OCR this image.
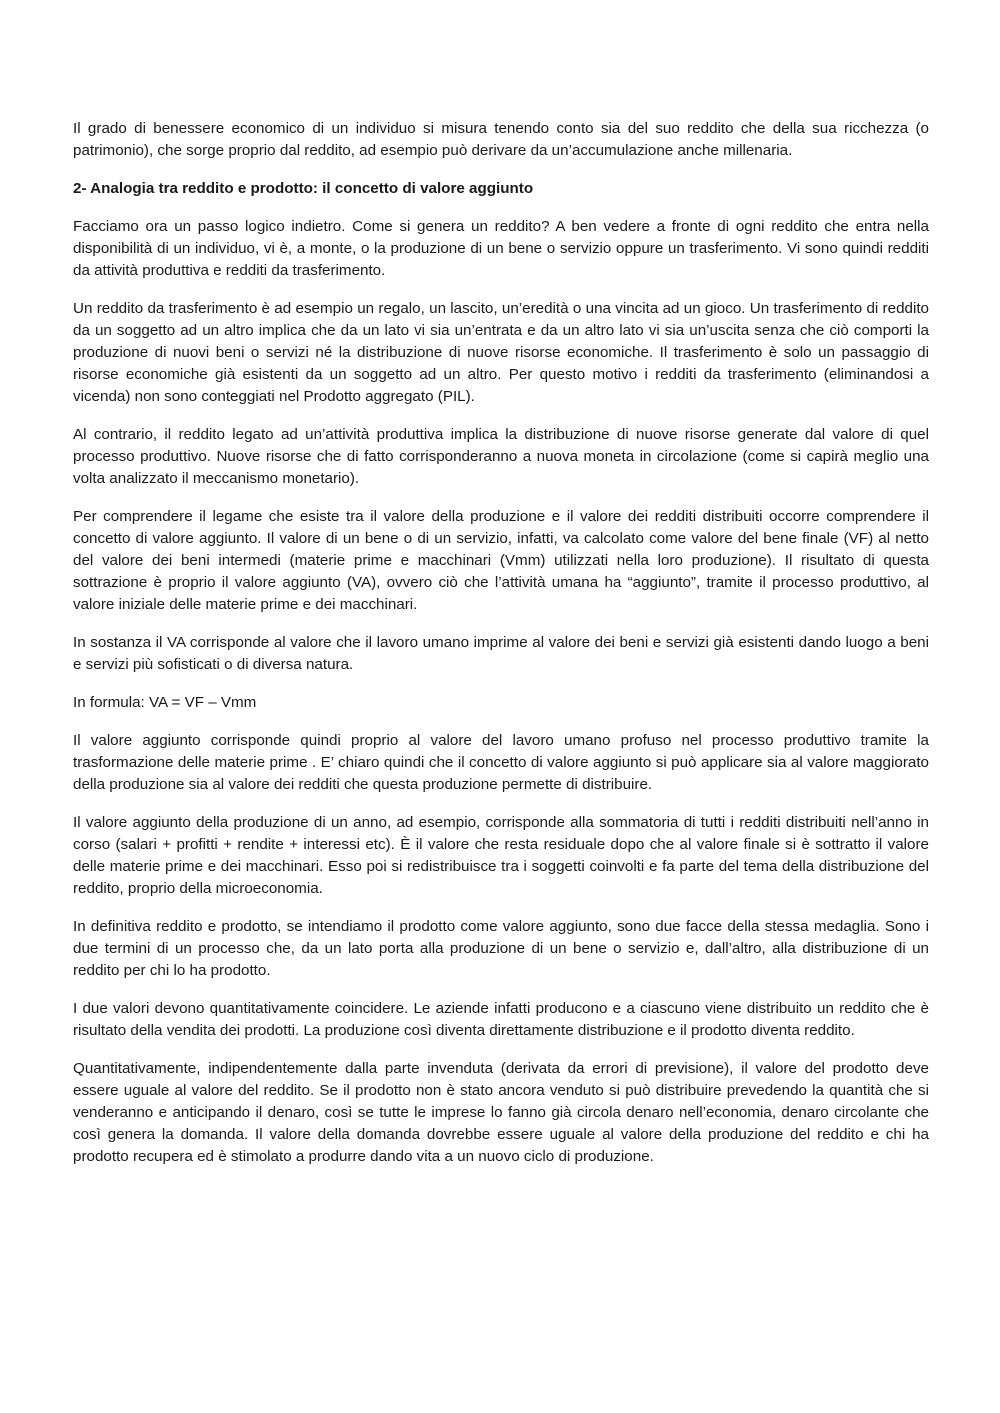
Il grado di benessere economico di un individuo si misura tenendo conto sia del suo reddito che della sua ricchezza (o patrimonio), che sorge proprio dal reddito, ad esempio può derivare da un’accumulazione anche millenaria.

2- Analogia tra reddito e prodotto: il concetto di valore aggiunto

Facciamo ora un passo logico indietro. Come si genera un reddito? A ben vedere a fronte di ogni reddito che entra nella disponibilità di un individuo, vi è, a monte, o la produzione di un bene o servizio oppure un trasferimento. Vi sono quindi redditi da attività produttiva e redditi da trasferimento.

Un reddito da trasferimento è ad esempio un regalo, un lascito, un’eredità o una vincita ad un gioco. Un trasferimento di reddito da un soggetto ad un altro implica che da un lato vi sia un’entrata e da un altro lato vi sia un’uscita senza che ciò comporti la produzione di nuovi beni o servizi né la distribuzione di nuove risorse economiche. Il trasferimento è solo un passaggio di risorse economiche già esistenti da un soggetto ad un altro. Per questo motivo i redditi da trasferimento (eliminandosi a vicenda) non sono conteggiati nel Prodotto aggregato (PIL).

Al contrario, il reddito legato ad un’attività produttiva implica la distribuzione di nuove risorse generate dal valore di quel processo produttivo. Nuove risorse che di fatto corrisponderanno a nuova moneta in circolazione (come si capirà meglio una volta analizzato il meccanismo monetario).

Per comprendere il legame che esiste tra il valore della produzione e il valore dei redditi distribuiti occorre comprendere il concetto di valore aggiunto. Il valore di un bene o di un servizio, infatti, va calcolato come valore del bene finale (VF) al netto del valore dei beni intermedi (materie prime e macchinari (Vmm) utilizzati nella loro produzione). Il risultato di questa sottrazione è proprio il valore aggiunto (VA), ovvero ciò che l’attività umana ha “aggiunto”, tramite il processo produttivo, al valore iniziale delle materie prime e dei macchinari.

In sostanza il VA corrisponde al valore che il lavoro umano imprime al valore dei beni e servizi già esistenti dando luogo a beni e servizi più sofisticati o di diversa natura.

In formula: VA = VF – Vmm

Il valore aggiunto corrisponde quindi proprio al valore del lavoro umano profuso nel processo produttivo tramite la trasformazione delle materie prime . E’ chiaro quindi che il concetto di valore aggiunto si può applicare sia al valore maggiorato della produzione sia al valore dei redditi che questa produzione permette di distribuire.

Il valore aggiunto della produzione di un anno, ad esempio, corrisponde alla sommatoria di tutti i redditi distribuiti nell’anno in corso (salari + profitti + rendite + interessi etc). È il valore che resta residuale dopo che al valore finale si è sottratto il valore delle materie prime e dei macchinari. Esso poi si redistribuisce tra i soggetti coinvolti e fa parte del tema della distribuzione del reddito, proprio della microeconomia.

In definitiva reddito e prodotto, se intendiamo il prodotto come valore aggiunto, sono due facce della stessa medaglia. Sono i due termini di un processo che, da un lato porta alla produzione di un bene o servizio e, dall’altro, alla distribuzione di un reddito per chi lo ha prodotto.

I due valori devono quantitativamente coincidere. Le aziende infatti producono e a ciascuno viene distribuito un reddito che è risultato della vendita dei prodotti. La produzione così diventa direttamente distribuzione e il prodotto diventa reddito.

Quantitativamente, indipendentemente dalla parte invenduta (derivata da errori di previsione), il valore del prodotto deve essere uguale al valore del reddito. Se il prodotto non è stato ancora venduto si può distribuire prevedendo la quantità che si venderanno e anticipando il denaro, così se tutte le imprese lo fanno già circola denaro nell’economia, denaro circolante che così genera la domanda. Il valore della domanda dovrebbe essere uguale al valore della produzione del reddito e chi ha prodotto recupera ed è stimolato a produrre dando vita a un nuovo ciclo di produzione.
